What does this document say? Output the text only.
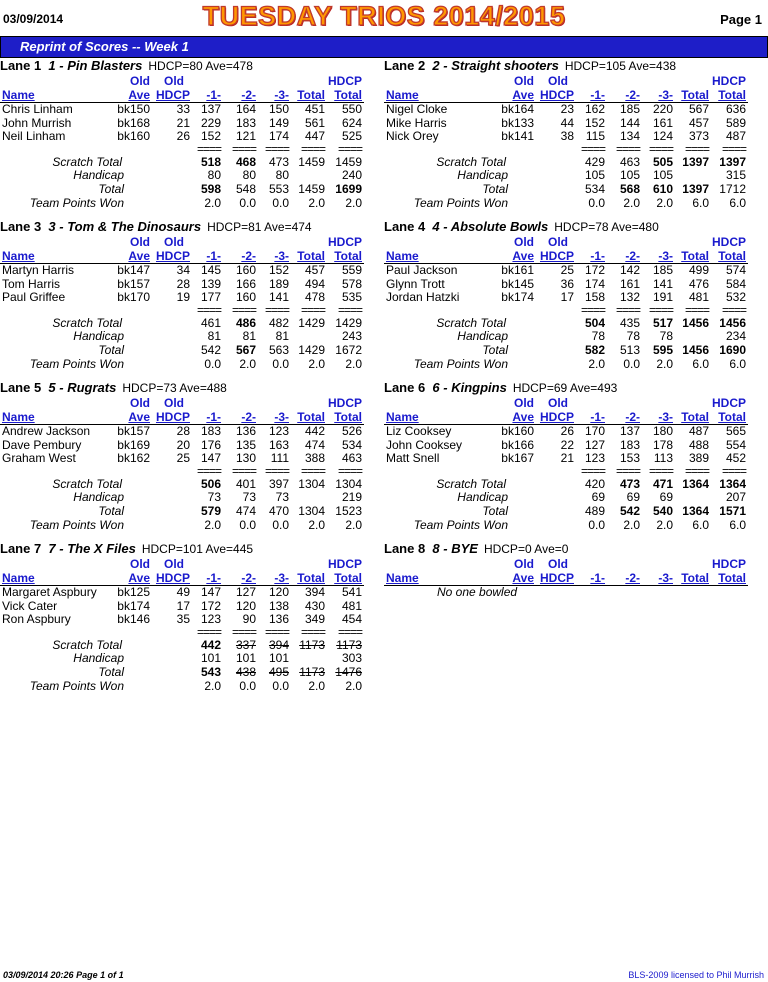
03/09/2014	TUESDAY TRIOS 2014/2015	Page 1
Reprint of Scores -- Week 1
Lane 1 1 - Pin Blasters HDCP=80 Ave=478
Old Old	HDCP
Name	Ave HDCP -1- -2- -3- Total Total
Chris Linham	bk150 33 137 164 150 451 550
John Murrish	bk168 21 229 183 149 561 624
Neil Linham	bk160 26 152 121 174 447 525
==== ==== ==== ==== ====
Scratch Total	518 468 473 1459 1459
Handicap	80 80 80	240
Total	598 548 553 1459 1699
Team Points Won	2.0 0.0 0.0 2.0 2.0
Lane 2 2 - Straight shooters HDCP=105 Ave=438
Old Old	HDCP
Name	Ave HDCP -1- -2- -3- Total Total
Nigel Cloke	bk164 23 162 185 220 567 636
Mike Harris	bk133 44 152 144 161 457 589
Nick Orey	bk141 38 115 134 124 373 487
==== ==== ==== ==== ====
Scratch Total	429 463 505 1397 1397
Handicap	105 105 105	315
Total	534 568 610 1397 1712
Team Points Won	0.0 2.0 2.0 6.0 6.0
Lane 3 3 - Tom & The Dinosaurs HDCP=81 Ave=474
Old Old	HDCP
Name	Ave HDCP -1- -2- -3- Total Total
Martyn Harris	bk147 34 145 160 152 457 559
Tom Harris	bk157 28 139 166 189 494 578
Paul Griffee	bk170 19 177 160 141 478 535
==== ==== ==== ==== ====
Scratch Total	461 486 482 1429 1429
Handicap	81 81 81	243
Total	542 567 563 1429 1672
Team Points Won	0.0 2.0 0.0 2.0 2.0
Lane 4 4 - Absolute Bowls HDCP=78 Ave=480
Old Old	HDCP
Name	Ave HDCP -1- -2- -3- Total Total
Paul Jackson	bk161 25 172 142 185 499 574
Glynn Trott	bk145 36 174 161 141 476 584
Jordan Hatzki	bk174 17 158 132 191 481 532
==== ==== ==== ==== ====
Scratch Total	504 435 517 1456 1456
Handicap	78 78 78	234
Total	582 513 595 1456 1690
Team Points Won	2.0 0.0 2.0 6.0 6.0
Lane 5 5 - Rugrats HDCP=73 Ave=488
Old Old	HDCP
Name	Ave HDCP -1- -2- -3- Total Total
Andrew Jackson bk157 28 183 136 123 442 526
Dave Pembury	bk169 20 176 135 163 474 534
Graham West	bk162 25 147 130 111 388 463
==== ==== ==== ==== ====
Scratch Total	506 401 397 1304 1304
Handicap	73 73 73	219
Total	579 474 470 1304 1523
Team Points Won	2.0 0.0 0.0 2.0 2.0
Lane 6 6 - Kingpins HDCP=69 Ave=493
Old Old	HDCP
Name	Ave HDCP -1- -2- -3- Total Total
Liz Cooksey	bk160 26 170 137 180 487 565
John Cooksey	bk166 22 127 183 178 488 554
Matt Snell	bk167 21 123 153 113 389 452
==== ==== ==== ==== ====
Scratch Total	420 473 471 1364 1364
Handicap	69 69 69	207
Total	489 542 540 1364 1571
Team Points Won	0.0 2.0 2.0 6.0 6.0
Lane 7 7 - The X Files HDCP=101 Ave=445
Old Old	HDCP
Name	Ave HDCP -1- -2- -3- Total Total
Margaret Aspbury bk125 49 147 127 120 394 541
Vick Cater	bk174 17 172 120 138 430 481
Ron Aspbury	bk146 35 123 90 136 349 454
==== ==== ==== ==== ====
Scratch Total	442 337 394 1173 1173
Handicap	101 101 101	303
Total	543 438 495 1173 1476
Team Points Won	2.0 0.0 0.0 2.0 2.0
Lane 8 8 - BYE HDCP=0 Ave=0
Old Old	HDCP
Name	Ave HDCP -1- -2- -3- Total Total
No one bowled
03/09/2014 20:26 Page 1 of 1	BLS-2009 licensed to Phil Murrish
